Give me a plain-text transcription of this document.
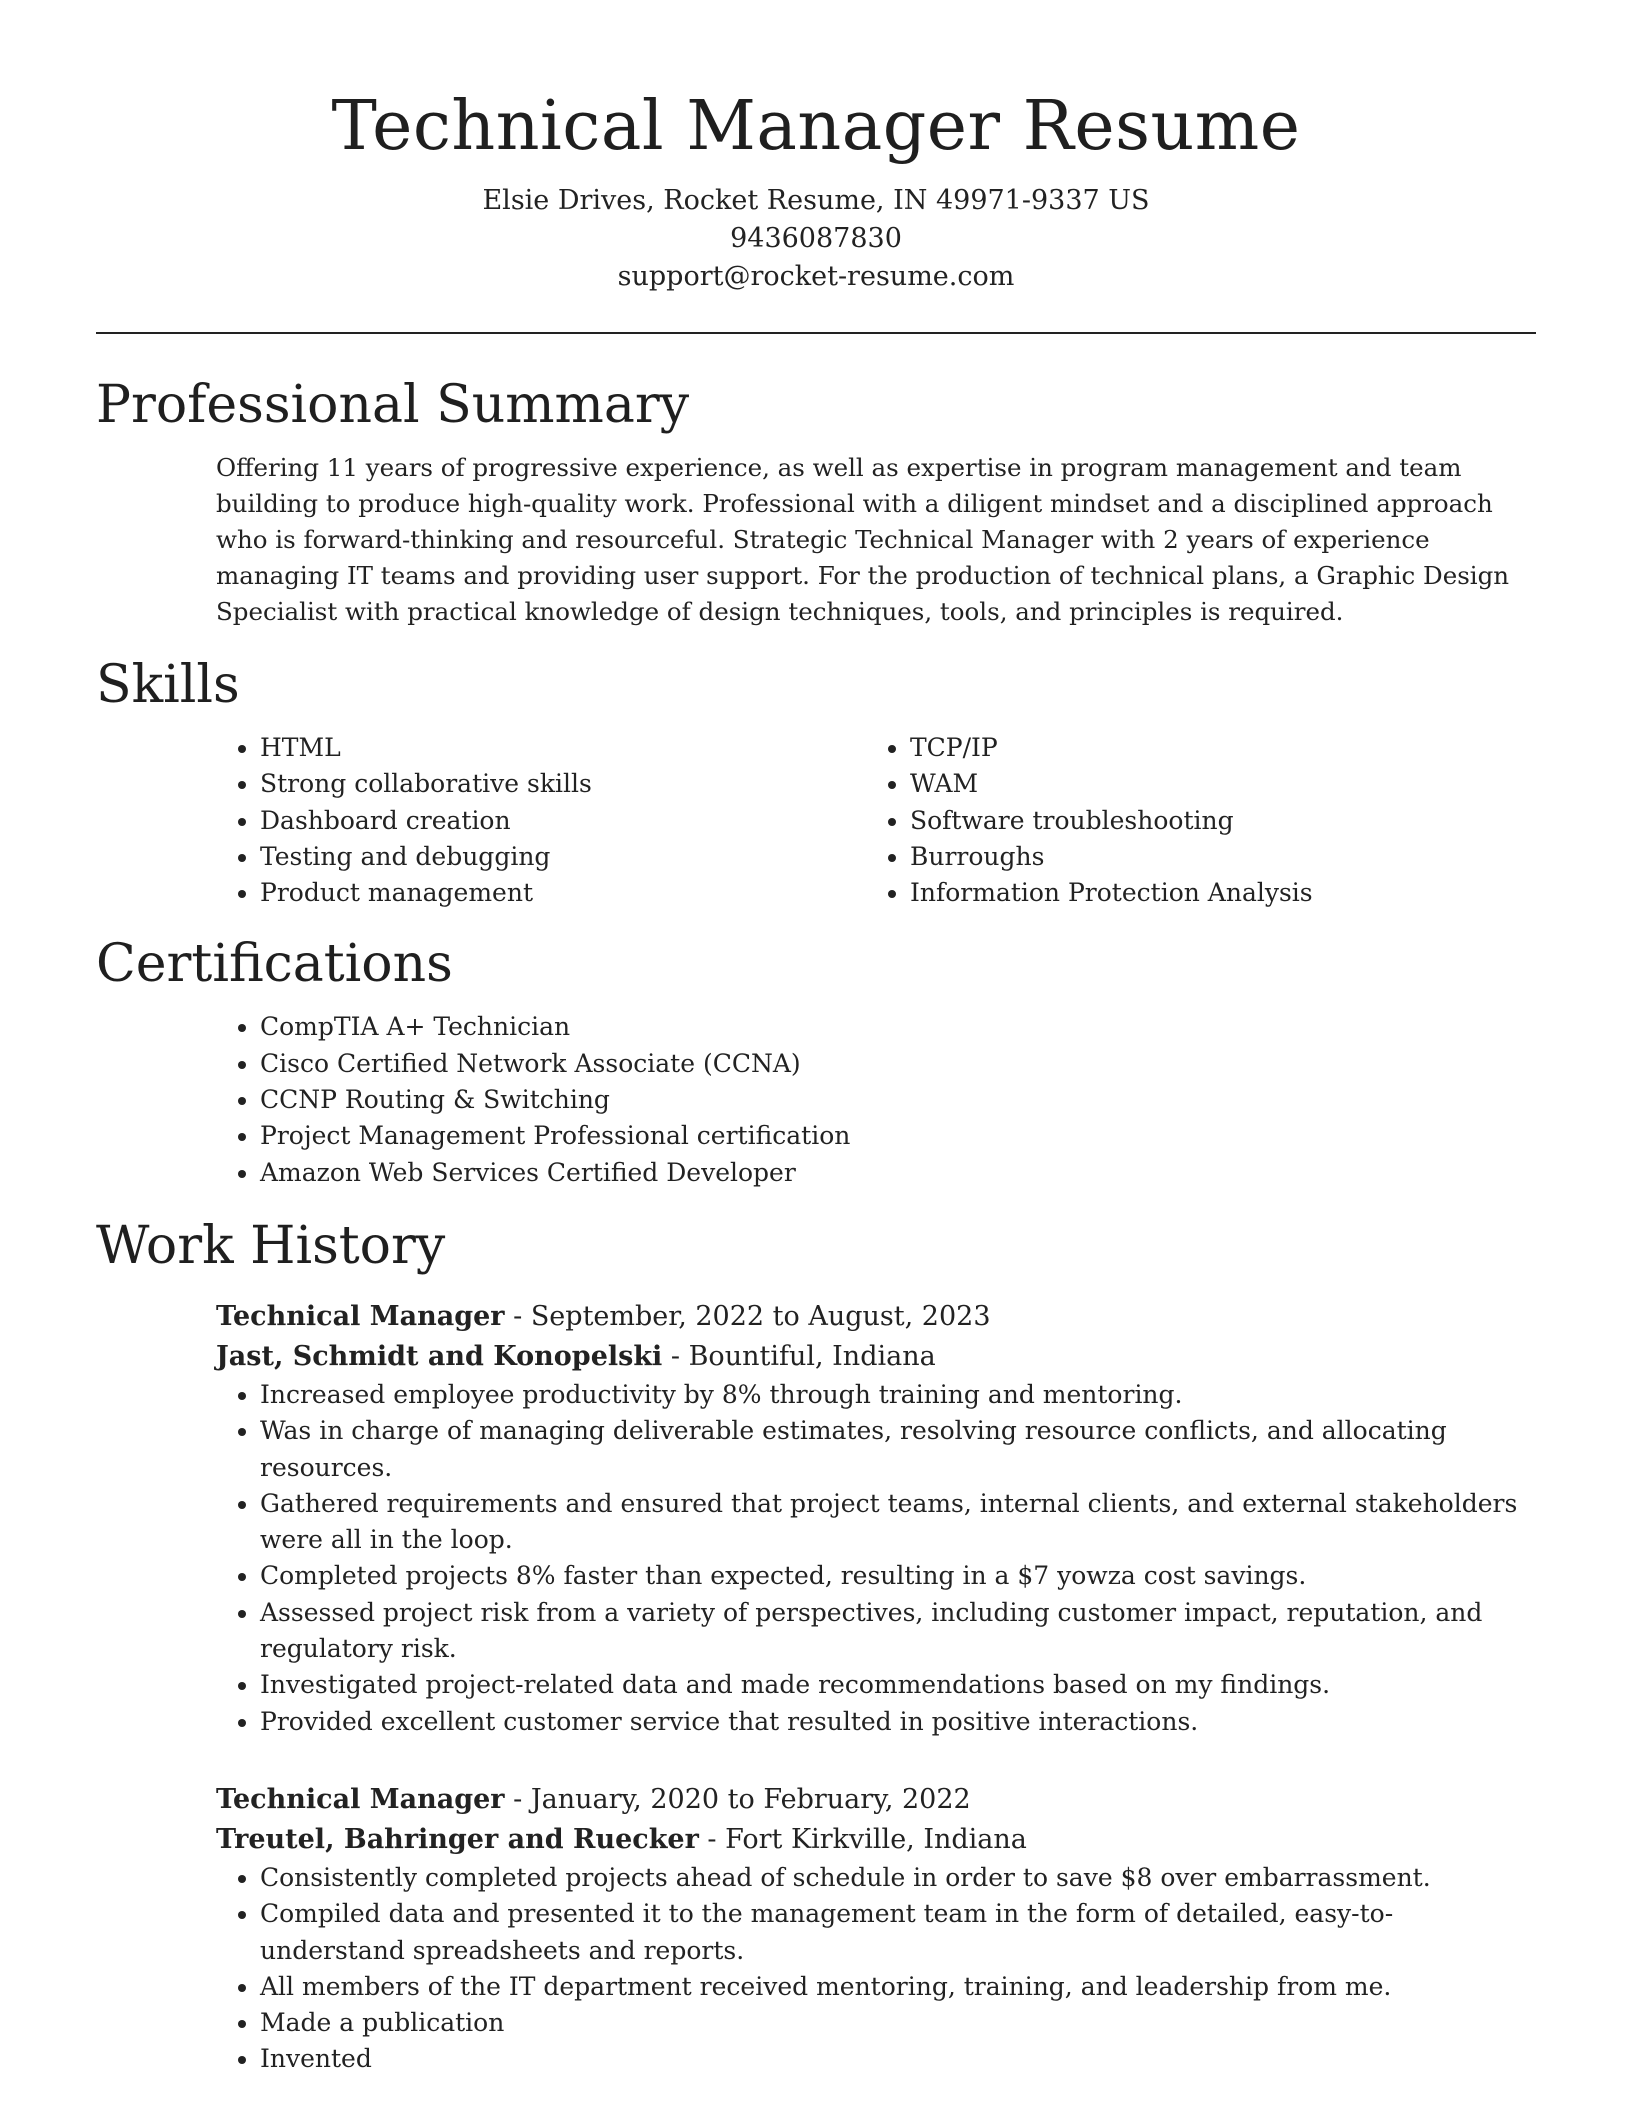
Technical Manager Resume

Elsie Drives, Rocket Resume, IN 49971-9337 US

9436087830

support@rocket-resume.com

Professional Summary

Offering 11 years of progressive experience, as well as expertise in program management and team building to produce high-quality work. Professional with a diligent mindset and a disciplined approach who is forward-thinking and resourceful. Strategic Technical Manager with 2 years of experience managing IT teams and providing user support. For the production of technical plans, a Graphic Design Specialist with practical knowledge of design techniques, tools, and principles is required.

Skills
• HTML
• Strong collaborative skills
• Dashboard creation
• Testing and debugging
• Product management
• TCP/IP
• WAM
• Software troubleshooting
• Burroughs
• Information Protection Analysis
Certifications
• CompTIA A+ Technician
• Cisco Certified Network Associate (CCNA)
• CCNP Routing & Switching
• Project Management Professional certification
• Amazon Web Services Certified Developer
Work History

Technical Manager - September, 2022 to August, 2023

Jast, Schmidt and Konopelski - Bountiful, Indiana

• Increased employee productivity by 8% through training and mentoring.
• Was in charge of managing deliverable estimates, resolving resource conflicts, and allocating resources.
• Gathered requirements and ensured that project teams, internal clients, and external stakeholders were all in the loop.
• Completed projects 8% faster than expected, resulting in a $7 yowza cost savings.
• Assessed project risk from a variety of perspectives, including customer impact, reputation, and regulatory risk.
• Investigated project-related data and made recommendations based on my findings.
• Provided excellent customer service that resulted in positive interactions.

Technical Manager - January, 2020 to February, 2022

Treutel, Bahringer and Ruecker - Fort Kirkville, Indiana

• Consistently completed projects ahead of schedule in order to save $8 over embarrassment.
• Compiled data and presented it to the management team in the form of detailed, easy-to-understand spreadsheets and reports.
• All members of the IT department received mentoring, training, and leadership from me.
• Made a publication
• Invented
